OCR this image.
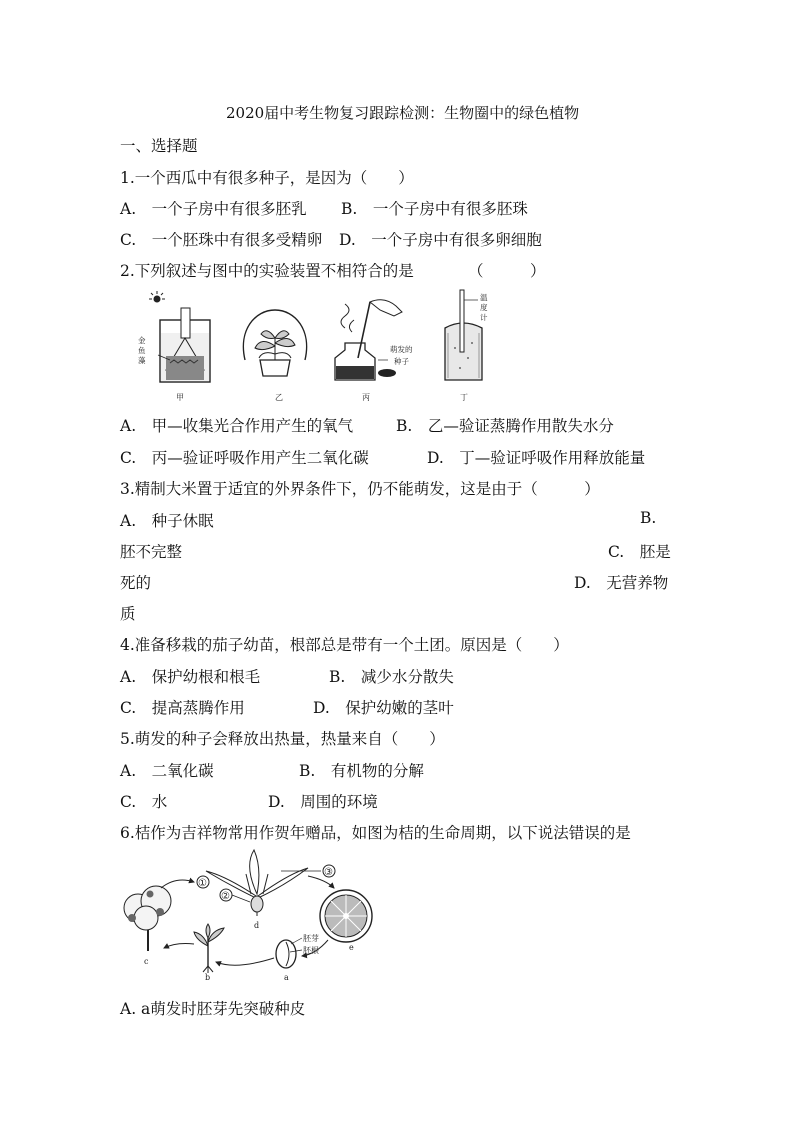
2020届中考生物复习跟踪检测：生物圈中的绿色植物
一、选择题
1.一个西瓜中有很多种子，是因为（　　）
A.　一个子房中有很多胚乳 B.　一个子房中有很多胚珠
C.　一个胚珠中有很多受精卵 D.　一个子房中有很多卵细胞
2.下列叙述与图中的实验装置不相符合的是　　　　（　　　）
金
鱼
藻
甲	乙
萌发的
种子
丙
温
度
计
丁
A.　甲—收集光合作用产生的氧气	B.　乙—验证蒸腾作用散失水分
C.　丙—验证呼吸作用产生二氧化碳	D.　丁—验证呼吸作用释放能量
3.精制大米置于适宜的外界条件下，仍不能萌发，这是由于（　　　）
A.　种子休眠	B.
胚不完整	C.　胚是
死的	D.　无营养物
质
4.准备移栽的茄子幼苗，根部总是带有一个土团。原因是（　　）
A.　保护幼根和根毛	B.　减少水分散失
C.　提高蒸腾作用	D.　保护幼嫩的茎叶
5.萌发的种子会释放出热量，热量来自（　　）
A.　二氧化碳	B.　有机物的分解
C.　水	D.　周围的环境
6.桔作为吉祥物常用作贺年赠品，如图为桔的生命周期，以下说法错误的是
c
①
②
③
d
e
胚芽
胚根
a
b
A. a萌发时胚芽先突破种皮
